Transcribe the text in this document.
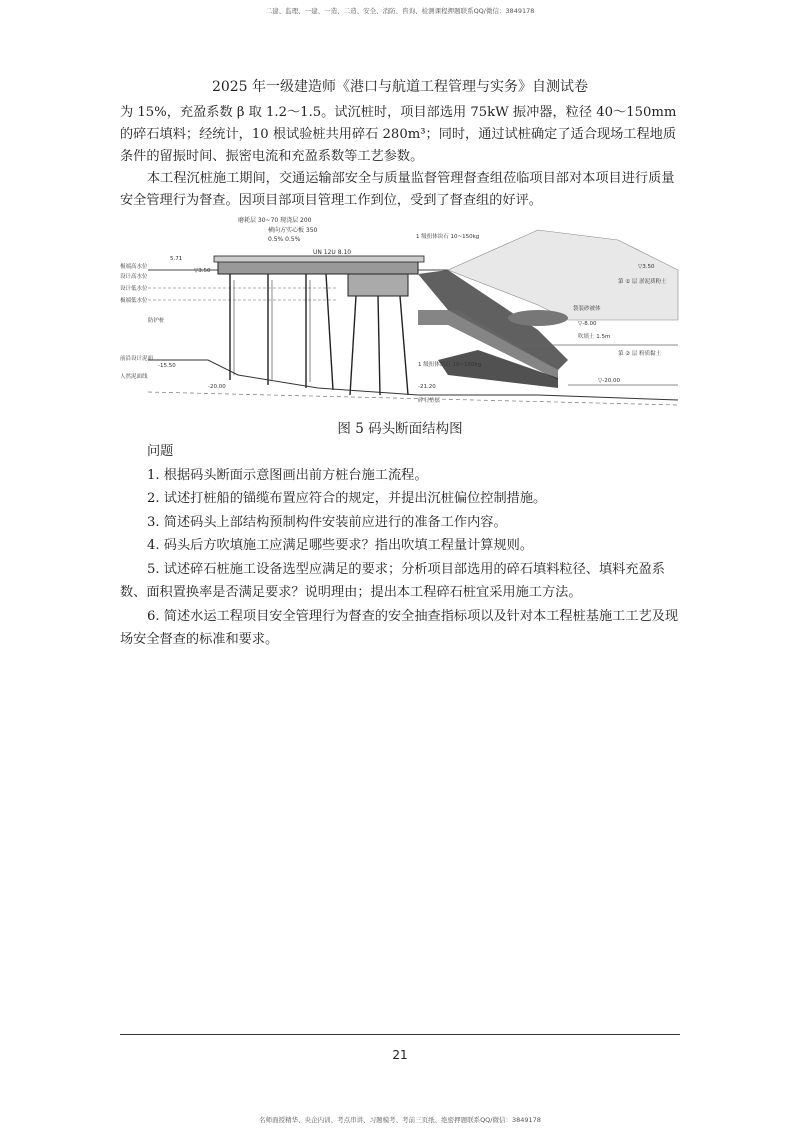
二建、监理、一建、一造、二造、安全、消防、咨询、检测课程押题联系QQ/微信：3849178
2025 年一级建造师《港口与航道工程管理与实务》自测试卷

为 15%，充盈系数 β 取 1.2～1.5。试沉桩时，项目部选用 75kW 振冲器，粒径 40～150mm 的碎石填料；经统计，10 根试验桩共用碎石 280m³；同时，通过试桩确定了适合现场工程地质条件的留振时间、振密电流和充盈系数等工艺参数。

本工程沉桩施工期间，交通运输部安全与质量监督管理督查组莅临项目部对本项目进行质量安全管理行为督查。因项目部项目管理工作到位，受到了督查组的好评。

磨耗层 30~70 现浇层 200
横向方实心板 350
0.5% 0.5%
UN 12U 8.10
极端高水位
设计高水位
设计低水位
极端低水位
防护桩
前沿设计泥面
人然泥面线
5.71
▽3.50
▽3.50
-15.50
-20.00	-21.20
1 级扭体块石 10~150kg
袋装砂被体
吹填土 1.5m
第 ① 层 淤泥质粉土
第 ② 层 粉质黏土
▽-8.00
▽-20.00
1 级扭体块石 10~150kg
碎石垫层
图 5 码头断面结构图

问题

1. 根据码头断面示意图画出前方桩台施工流程。

2. 试述打桩船的锚缆布置应符合的规定，并提出沉桩偏位控制措施。

3. 简述码头上部结构预制构件安装前应进行的准备工作内容。

4. 码头后方吹填施工应满足哪些要求？指出吹填工程量计算规则。

5. 试述碎石桩施工设备选型应满足的要求；分析项目部选用的碎石填料粒径、填料充盈系数、面积置换率是否满足要求？说明理由；提出本工程碎石桩宜采用施工方法。

6. 简述水运工程项目安全管理行为督查的安全抽查指标项以及针对本工程桩基施工工艺及现场安全督查的标准和要求。

21
名师面授精华、央企内训、考点串讲、习题模考、考前三页纸、绝密押题联系QQ/微信：3849178
